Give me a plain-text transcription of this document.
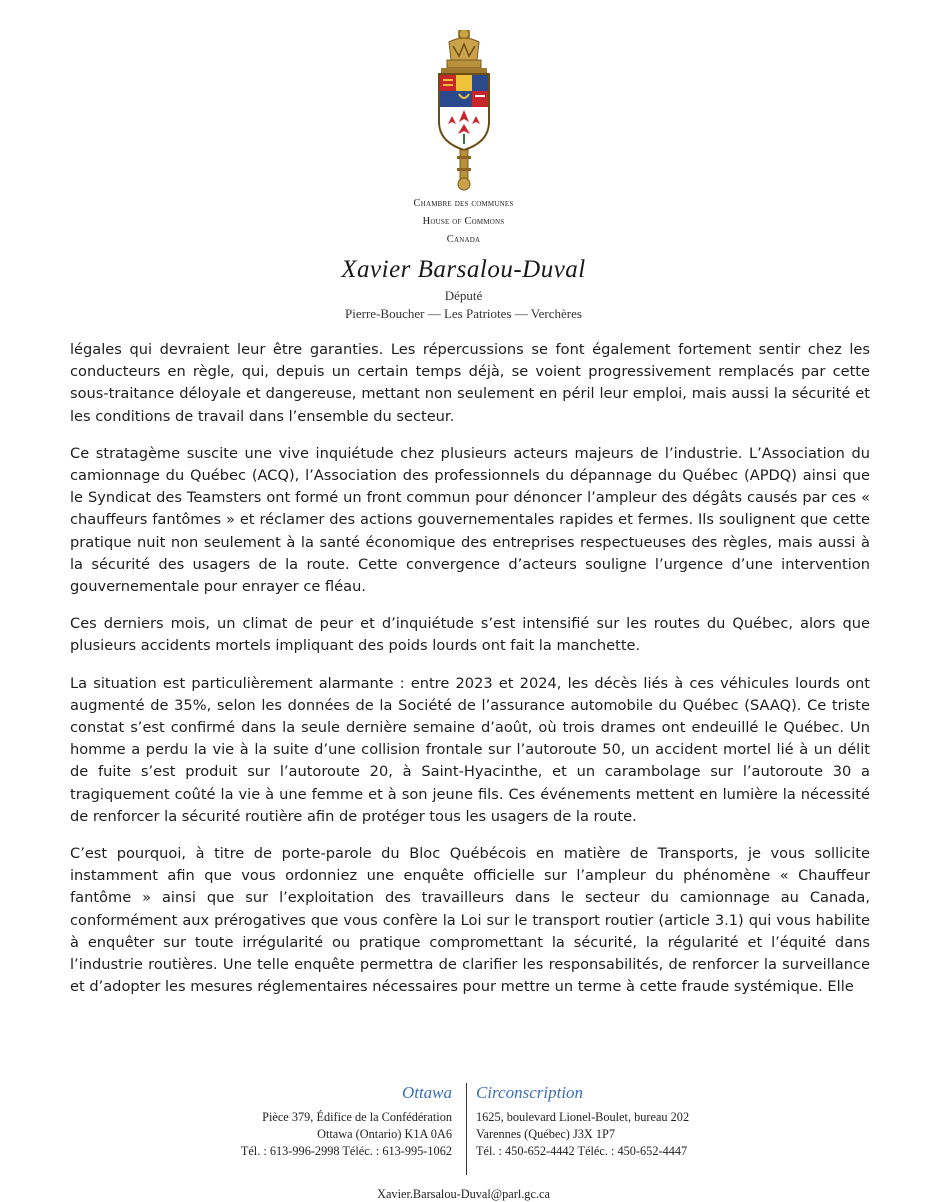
Chambre des communes
House of Commons
Canada
Xavier Barsalou-Duval
Député
Pierre-Boucher — Les Patriotes — Verchères

légales qui devraient leur être garanties. Les répercussions se font également fortement sentir chez les conducteurs en règle, qui, depuis un certain temps déjà, se voient progressivement remplacés par cette sous-traitance déloyale et dangereuse, mettant non seulement en péril leur emploi, mais aussi la sécurité et les conditions de travail dans l’ensemble du secteur.

Ce stratagème suscite une vive inquiétude chez plusieurs acteurs majeurs de l’industrie. L’Association du camionnage du Québec (ACQ), l’Association des professionnels du dépannage du Québec (APDQ) ainsi que le Syndicat des Teamsters ont formé un front commun pour dénoncer l’ampleur des dégâts causés par ces « chauffeurs fantômes » et réclamer des actions gouvernementales rapides et fermes. Ils soulignent que cette pratique nuit non seulement à la santé économique des entreprises respectueuses des règles, mais aussi à la sécurité des usagers de la route. Cette convergence d’acteurs souligne l’urgence d’une intervention gouvernementale pour enrayer ce fléau.

Ces derniers mois, un climat de peur et d’inquiétude s’est intensifié sur les routes du Québec, alors que plusieurs accidents mortels impliquant des poids lourds ont fait la manchette.

La situation est particulièrement alarmante : entre 2023 et 2024, les décès liés à ces véhicules lourds ont augmenté de 35%, selon les données de la Société de l’assurance automobile du Québec (SAAQ). Ce triste constat s’est confirmé dans la seule dernière semaine d’août, où trois drames ont endeuillé le Québec. Un homme a perdu la vie à la suite d’une collision frontale sur l’autoroute 50, un accident mortel lié à un délit de fuite s’est produit sur l’autoroute 20, à Saint-Hyacinthe, et un carambolage sur l’autoroute 30 a tragiquement coûté la vie à une femme et à son jeune fils. Ces événements mettent en lumière la nécessité de renforcer la sécurité routière afin de protéger tous les usagers de la route.

C’est pourquoi, à titre de porte-parole du Bloc Québécois en matière de Transports, je vous sollicite instamment afin que vous ordonniez une enquête officielle sur l’ampleur du phénomène « Chauffeur fantôme » ainsi que sur l’exploitation des travailleurs dans le secteur du camionnage au Canada, conformément aux prérogatives que vous confère la Loi sur le transport routier (article 3.1) qui vous habilite à enquêter sur toute irrégularité ou pratique compromettant la sécurité, la régularité et l’équité dans l’industrie routières. Une telle enquête permettra de clarifier les responsabilités, de renforcer la surveillance et d’adopter les mesures réglementaires nécessaires pour mettre un terme à cette fraude systémique. Elle

Ottawa
Pièce 379, Édifice de la Confédération
Ottawa (Ontario) K1A 0A6
Tél. : 613-996-2998 Téléc. : 613-995-1062
Circonscription
1625, boulevard Lionel-Boulet, bureau 202
Varennes (Québec) J3X 1P7
Tél. : 450-652-4442 Téléc. : 450-652-4447
Xavier.Barsalou-Duval@parl.gc.ca
